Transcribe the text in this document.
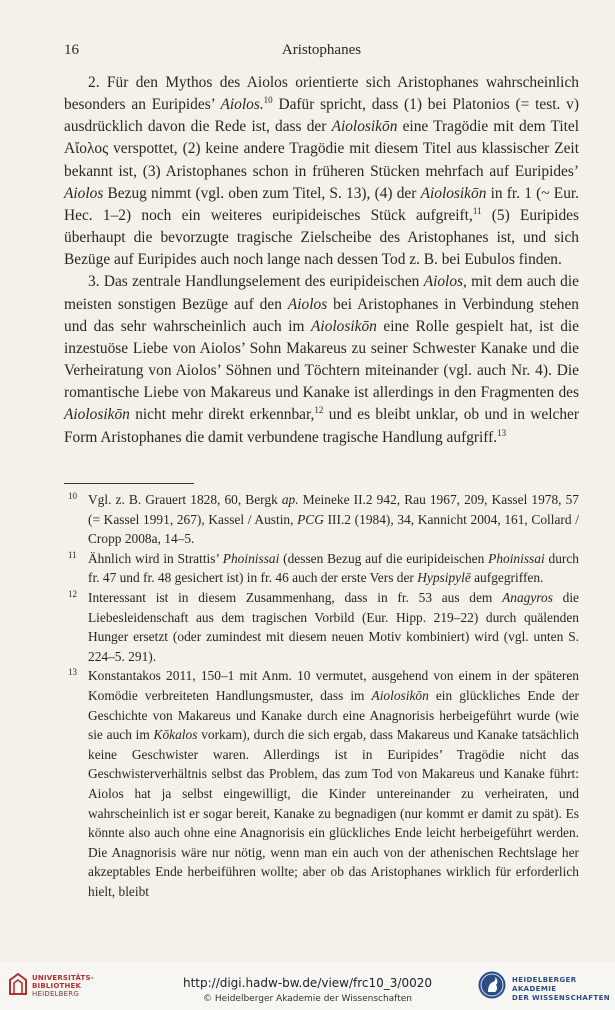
16	Aristophanes

2. Für den Mythos des Aiolos orientierte sich Aristophanes wahrscheinlich besonders an Euripides’ Aiolos.$^{10}$ Dafür spricht, dass (1) bei Platonios (= test. v) ausdrücklich davon die Rede ist, dass der Aiolosikōn eine Tragödie mit dem Titel Αἴολος verspottet, (2) keine andere Tragödie mit diesem Titel aus klassischer Zeit bekannt ist, (3) Aristophanes schon in früheren Stücken mehrfach auf Euripides’ Aiolos Bezug nimmt (vgl. oben zum Titel, S. 13), (4) der Aiolosikōn in fr. 1 (~ Eur. Hec. 1–2) noch ein weiteres euripideisches Stück aufgreift,$^{11}$ (5) Euripides überhaupt die bevorzugte tragische Zielscheibe des Aristophanes ist, und sich Bezüge auf Euripides auch noch lange nach dessen Tod z. B. bei Eubulos finden.

3. Das zentrale Handlungselement des euripideischen Aiolos, mit dem auch die meisten sonstigen Bezüge auf den Aiolos bei Aristophanes in Verbindung stehen und das sehr wahrscheinlich auch im Aiolosikōn eine Rolle gespielt hat, ist die inzestuöse Liebe von Aiolos’ Sohn Makareus zu seiner Schwester Kanake und die Verheiratung von Aiolos’ Söhnen und Töchtern miteinander (vgl. auch Nr. 4). Die romantische Liebe von Makareus und Kanake ist allerdings in den Fragmenten des Aiolosikōn nicht mehr direkt erkennbar,$^{12}$ und es bleibt unklar, ob und in welcher Form Aristophanes die damit verbundene tragische Handlung aufgriff.$^{13}$

10 Vgl. z. B. Grauert 1828, 60, Bergk ap. Meineke II.2 942, Rau 1967, 209, Kassel 1978, 57 (= Kassel 1991, 267), Kassel / Austin, PCG III.2 (1984), 34, Kannicht 2004, 161, Collard / Cropp 2008a, 14–5.
11 Ähnlich wird in Strattis’ Phoinissai (dessen Bezug auf die euripideischen Phoinissai durch fr. 47 und fr. 48 gesichert ist) in fr. 46 auch der erste Vers der Hypsipylē aufgegriffen.
12 Interessant ist in diesem Zusammenhang, dass in fr. 53 aus dem Anagyros die Liebesleidenschaft aus dem tragischen Vorbild (Eur. Hipp. 219–22) durch quälenden Hunger ersetzt (oder zumindest mit diesem neuen Motiv kombiniert) wird (vgl. unten S. 224–5. 291).
13 Konstantakos 2011, 150–1 mit Anm. 10 vermutet, ausgehend von einem in der späteren Komödie verbreiteten Handlungsmuster, dass im Aiolosikōn ein glückliches Ende der Geschichte von Makareus und Kanake durch eine Anagnorisis herbeigeführt wurde (wie sie auch im Kōkalos vorkam), durch die sich ergab, dass Makareus und Kanake tatsächlich keine Geschwister waren. Allerdings ist in Euripides’ Tragödie nicht das Geschwisterverhältnis selbst das Problem, das zum Tod von Makareus und Kanake führt: Aiolos hat ja selbst eingewilligt, die Kinder untereinander zu verheiraten, und wahrscheinlich ist er sogar bereit, Kanake zu begnadigen (nur kommt er damit zu spät). Es könnte also auch ohne eine Anagnorisis ein glückliches Ende leicht herbeigeführt werden. Die Anagnorisis wäre nur nötig, wenn man ein auch von der athenischen Rechtslage her akzeptables Ende herbeiführen wollte; aber ob das Aristophanes wirklich für erforderlich hielt, bleibt
UNIVERSITÄTS-
BIBLIOTHEK
HEIDELBERG
http://digi.hadw-bw.de/view/frc10_3/0020
© Heidelberger Akademie der Wissenschaften
HEIDELBERGER AKADEMIE
DER WISSENSCHAFTEN
